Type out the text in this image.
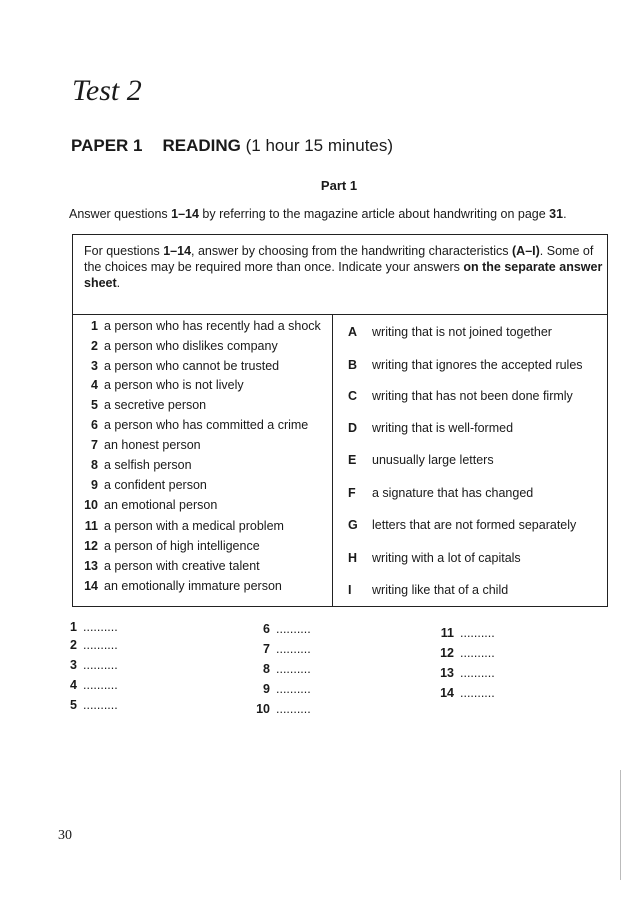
Test 2
PAPER 1 READING (1 hour 15 minutes)
Part 1
Answer questions 1–14 by referring to the magazine article about handwriting on page 31.
For questions 1–14, answer by choosing from the handwriting characteristics (A–I). Some of the choices may be required more than once. Indicate your answers on the separate answer sheet.
1 a person who has recently had a shock
2 a person who dislikes company
3 a person who cannot be trusted
4 a person who is not lively
5 a secretive person
6 a person who has committed a crime
7 an honest person
8 a selfish person
9 a confident person
10 an emotional person
11 a person with a medical problem
12 a person of high intelligence
13 a person with creative talent
14 an emotionally immature person
A writing that is not joined together
B writing that ignores the accepted rules
C writing that has not been done firmly
D writing that is well-formed
E unusually large letters
F a signature that has changed
G letters that are not formed separately
H writing with a lot of capitals
I writing like that of a child
1 ..........
2 ..........
3 ..........
4 ..........
5 ..........
6 ..........
7 ..........
8 ..........
9 ..........
10 ..........
11 ..........
12 ..........
13 ..........
14 ..........
30
